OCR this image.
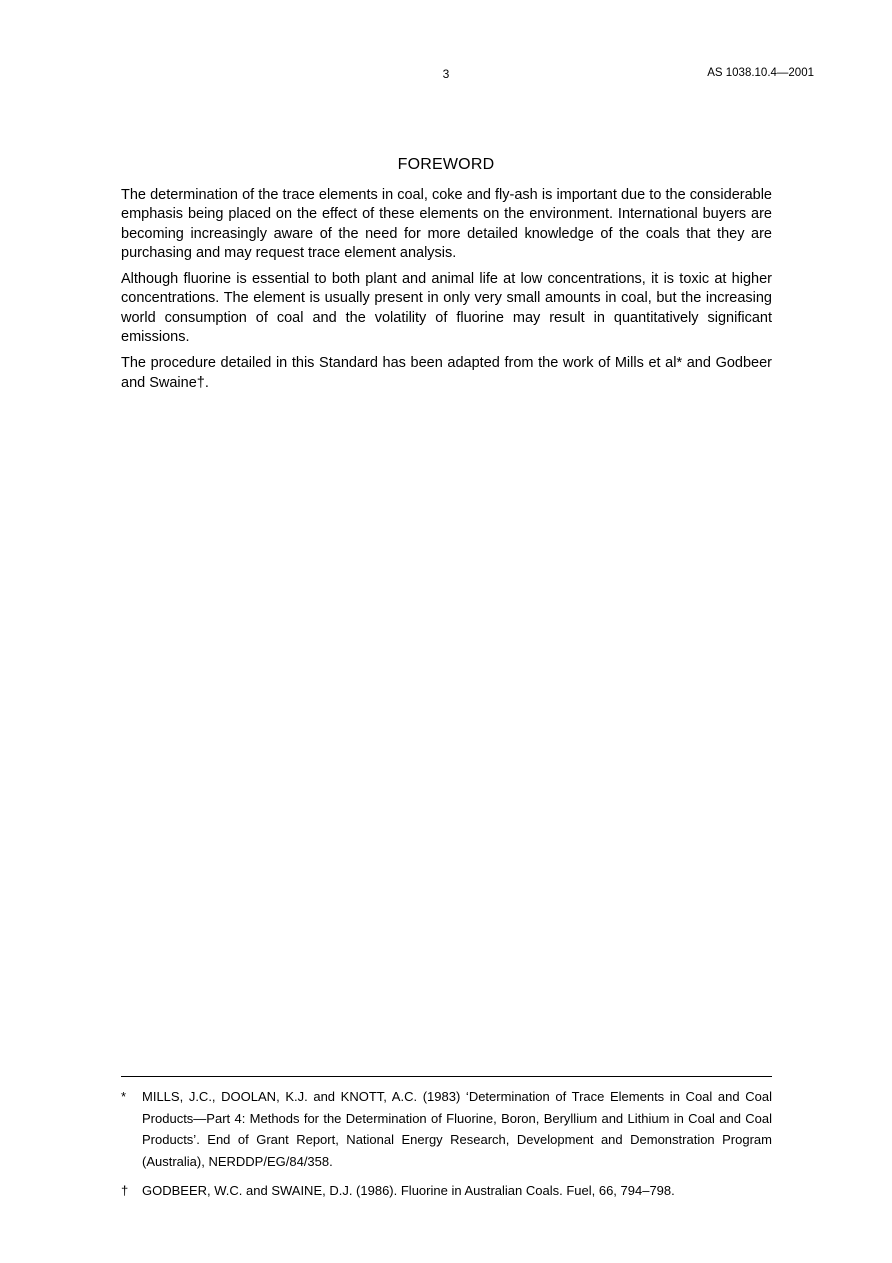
3	AS 1038.10.4—2001
FOREWORD

The determination of the trace elements in coal, coke and fly-ash is important due to the considerable emphasis being placed on the effect of these elements on the environment. International buyers are becoming increasingly aware of the need for more detailed knowledge of the coals that they are purchasing and may request trace element analysis.

Although fluorine is essential to both plant and animal life at low concentrations, it is toxic at higher concentrations. The element is usually present in only very small amounts in coal, but the increasing world consumption of coal and the volatility of fluorine may result in quantitatively significant emissions.

The procedure detailed in this Standard has been adapted from the work of Mills et al* and Godbeer and Swaine†.

* MILLS, J.C., DOOLAN, K.J. and KNOTT, A.C. (1983) ‘Determination of Trace Elements in Coal and Coal Products—Part 4: Methods for the Determination of Fluorine, Boron, Beryllium and Lithium in Coal and Coal Products’. End of Grant Report, National Energy Research, Development and Demonstration Program (Australia), NERDDP/EG/84/358.
† GODBEER, W.C. and SWAINE, D.J. (1986). Fluorine in Australian Coals. Fuel, 66, 794–798.
